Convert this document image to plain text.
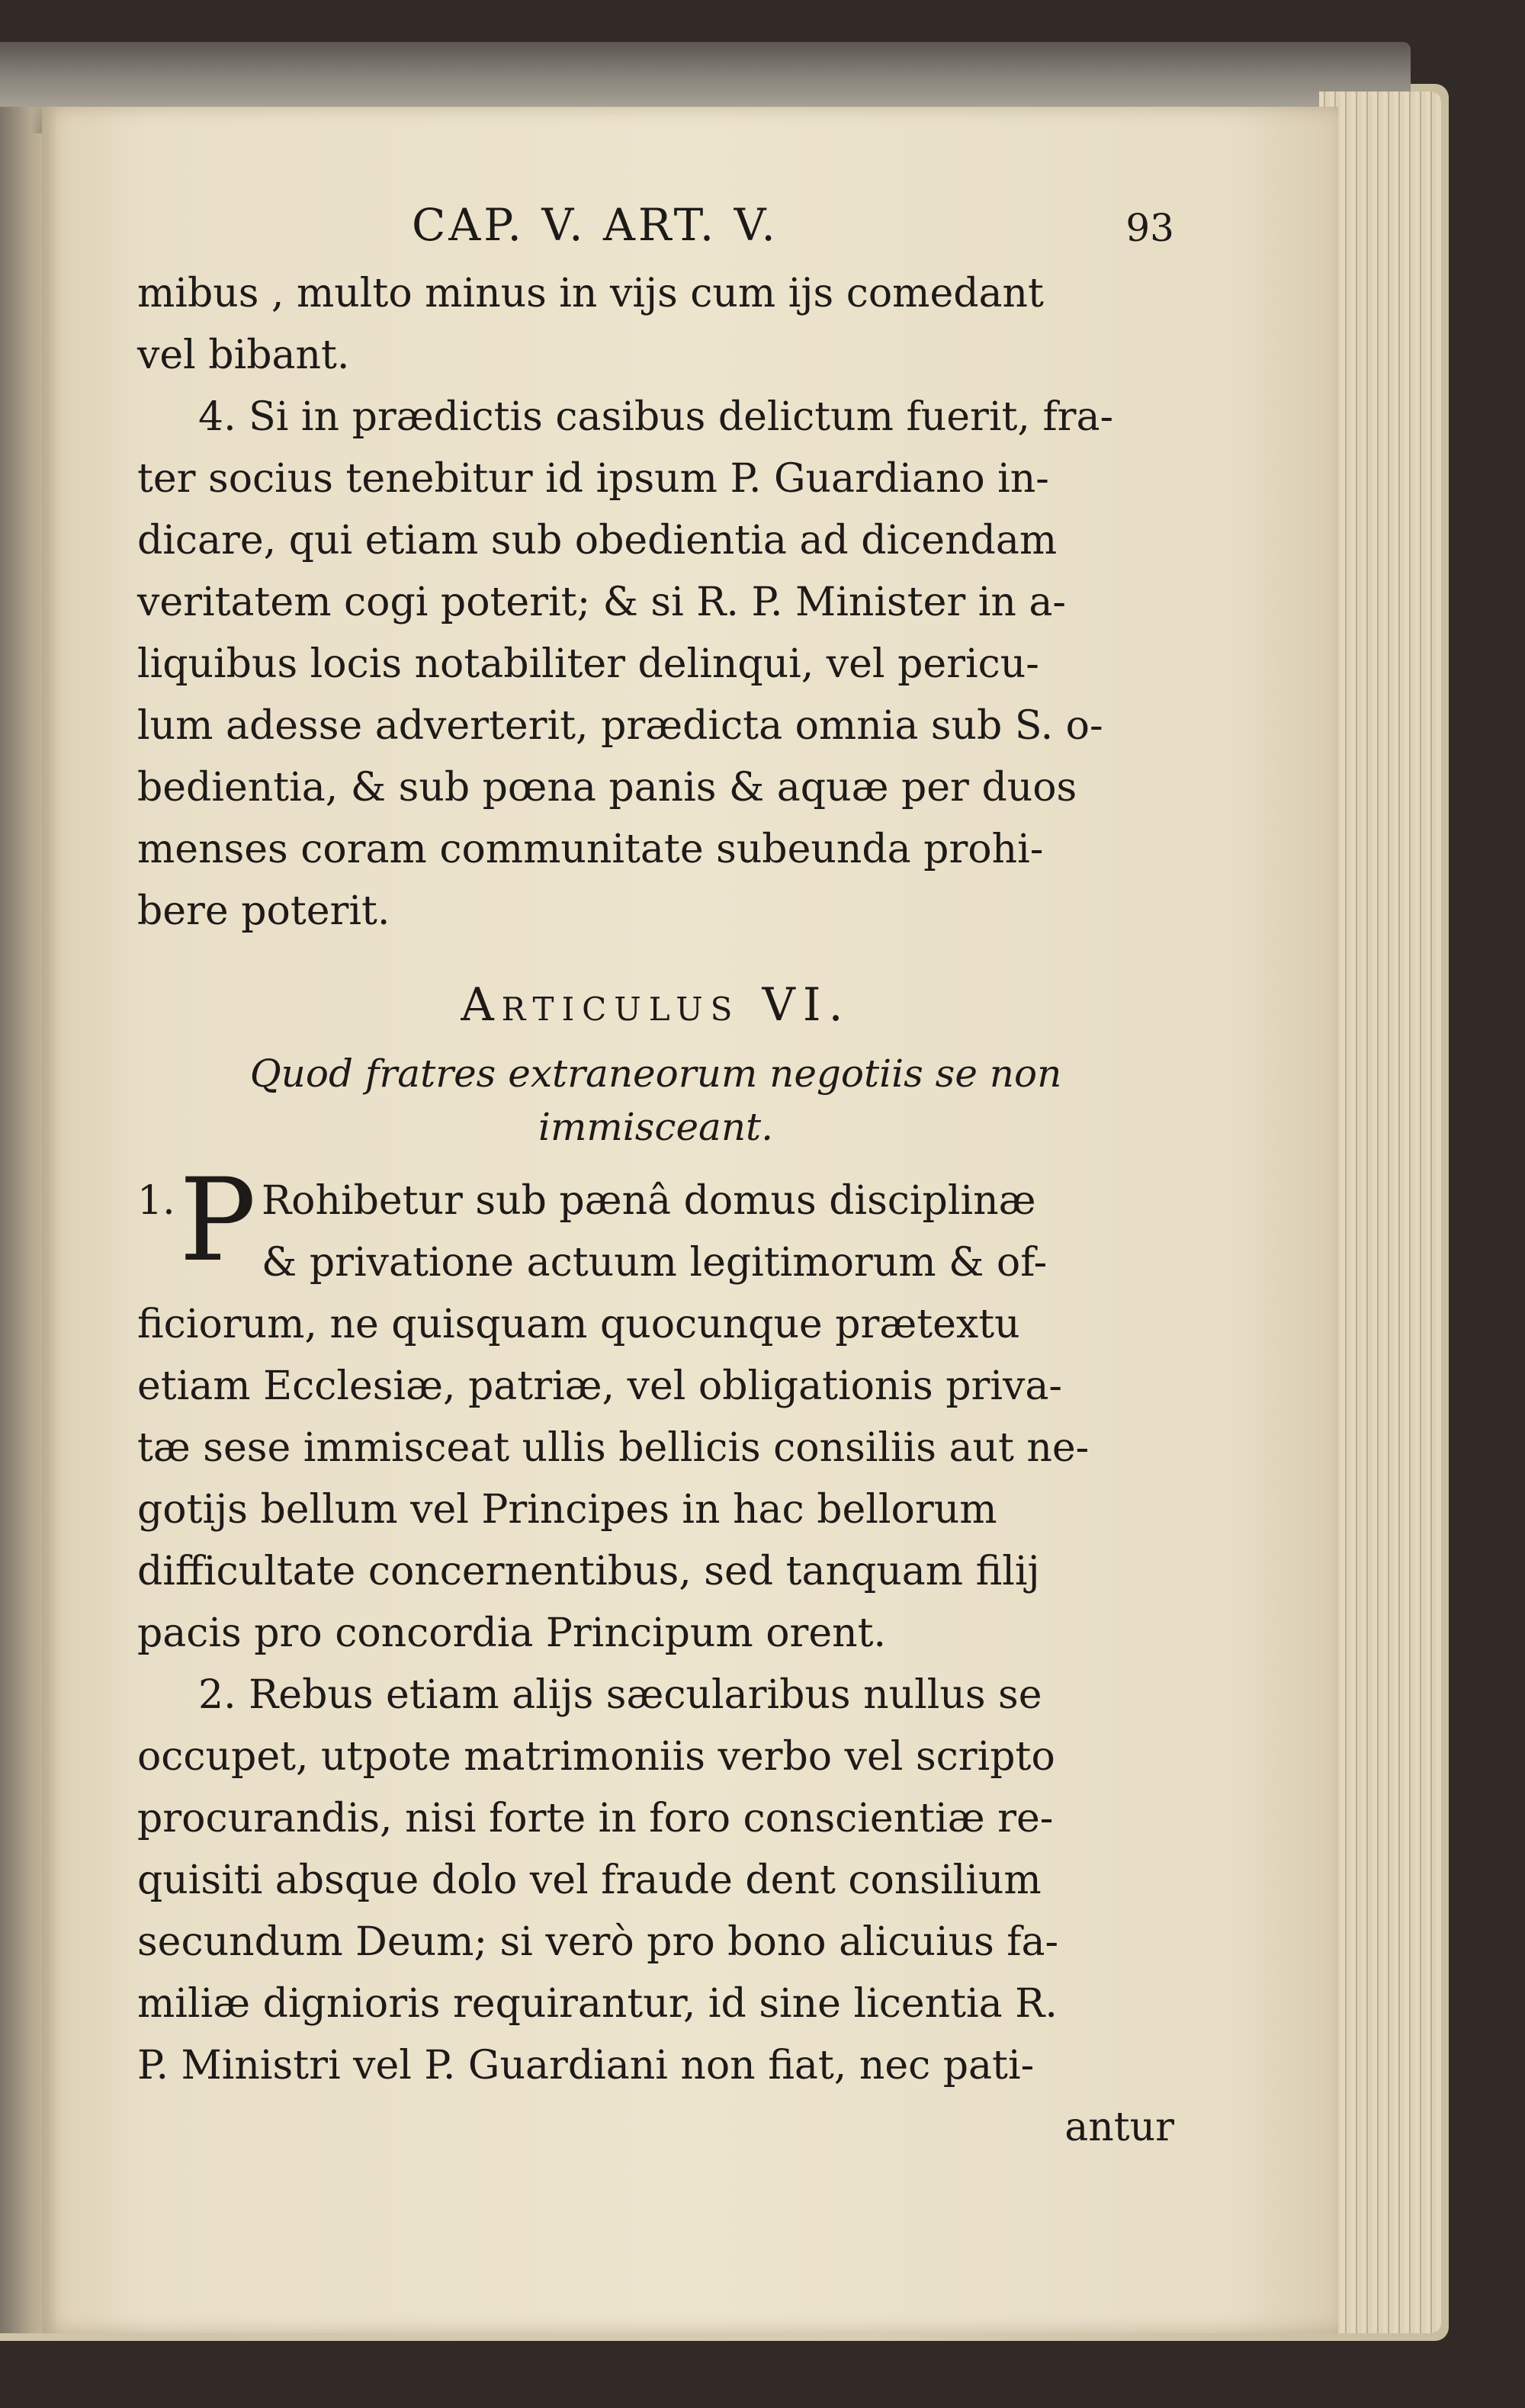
CAP. V. ART. V.	93
mibus , multo minus in vijs cum ijs comedant
vel bibant.
4. Si in prædictis casibus delictum fuerit, fra-
ter socius tenebitur id ipsum P. Guardiano in-
dicare, qui etiam sub obedientia ad dicendam
veritatem cogi poterit; & si R. P. Minister in a-
liquibus locis notabiliter delinqui, vel pericu-
lum adesse adverterit, prædicta omnia sub S. o-
bedientia, & sub pœna panis & aquæ per duos
menses coram communitate subeunda prohi-
bere poterit.
Articulus VI.
Quod fratres extraneorum negotiis se non
immisceant.
1. P Rohibetur sub pænâ domus disciplinæ
& privatione actuum legitimorum & of-
ficiorum, ne quisquam quocunque prætextu
etiam Ecclesiæ, patriæ, vel obligationis priva-
tæ sese immisceat ullis bellicis consiliis aut ne-
gotijs bellum vel Principes in hac bellorum
difficultate concernentibus, sed tanquam filij
pacis pro concordia Principum orent.
2. Rebus etiam alijs sæcularibus nullus se
occupet, utpote matrimoniis verbo vel scripto
procurandis, nisi forte in foro conscientiæ re-
quisiti absque dolo vel fraude dent consilium
secundum Deum; si verò pro bono alicuius fa-
miliæ dignioris requirantur, id sine licentia R.
P. Ministri vel P. Guardiani non fiat, nec pati-
antur
